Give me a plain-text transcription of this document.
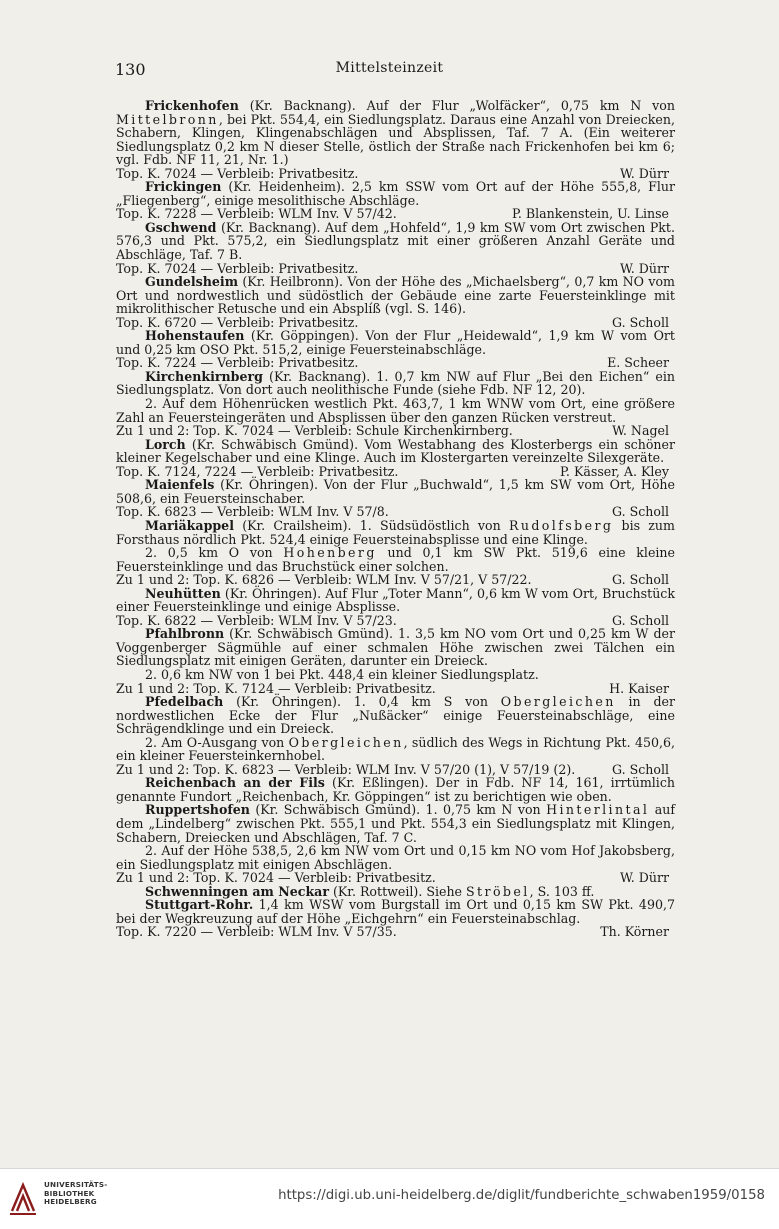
130	Mittelsteinzeit
Frickenhofen (Kr. Backnang). Auf der Flur „Wolfäcker“, 0,75 km N von Mittelbronn, bei Pkt. 554,4, ein Siedlungsplatz. Daraus eine Anzahl von Dreiecken, Schabern, Klingen, Klingenabschlägen und Absplissen, Taf. 7 A. (Ein weiterer Siedlungsplatz 0,2 km N dieser Stelle, östlich der Straße nach Frickenhofen bei km 6; vgl. Fdb. NF 11, 21, Nr. 1.)
Top. K. 7024 — Verbleib: Privatbesitz.	W. Dürr
Frickingen (Kr. Heidenheim). 2,5 km SSW vom Ort auf der Höhe 555,8, Flur „Fliegenberg“, einige mesolithische Abschläge.
Top. K. 7228 — Verbleib: WLM Inv. V 57/42.	P. Blankenstein, U. Linse
Gschwend (Kr. Backnang). Auf dem „Hohfeld“, 1,9 km SW vom Ort zwischen Pkt. 576,3 und Pkt. 575,2, ein Siedlungsplatz mit einer größeren Anzahl Geräte und Abschläge, Taf. 7 B.
Top. K. 7024 — Verbleib: Privatbesitz.	W. Dürr
Gundelsheim (Kr. Heilbronn). Von der Höhe des „Michaelsberg“, 0,7 km NO vom Ort und nordwestlich und südöstlich der Gebäude eine zarte Feuersteinklinge mit mikrolithischer Retusche und ein Absplíß (vgl. S. 146).
Top. K. 6720 — Verbleib: Privatbesitz.	G. Scholl
Hohenstaufen (Kr. Göppingen). Von der Flur „Heidewald“, 1,9 km W vom Ort und 0,25 km OSO Pkt. 515,2, einige Feuersteinabschläge.
Top. K. 7224 — Verbleib: Privatbesitz.	E. Scheer
Kirchenkirnberg (Kr. Backnang). 1. 0,7 km NW auf Flur „Bei den Eichen“ ein Siedlungsplatz. Von dort auch neolithische Funde (siehe Fdb. NF 12, 20).
2. Auf dem Höhenrücken westlich Pkt. 463,7, 1 km WNW vom Ort, eine größere Zahl an Feuersteingeräten und Absplissen über den ganzen Rücken verstreut.
Zu 1 und 2: Top. K. 7024 — Verbleib: Schule Kirchenkirnberg.	W. Nagel
Lorch (Kr. Schwäbisch Gmünd). Vom Westabhang des Klosterbergs ein schöner kleiner Kegelschaber und eine Klinge. Auch im Klostergarten vereinzelte Silexgeräte.
Top. K. 7124, 7224 — Verbleib: Privatbesitz.	P. Kässer, A. Kley
Maienfels (Kr. Öhringen). Von der Flur „Buchwald“, 1,5 km SW vom Ort, Höhe 508,6, ein Feuersteinschaber.
Top. K. 6823 — Verbleib: WLM Inv. V 57/8.	G. Scholl
Mariäkappel (Kr. Crailsheim). 1. Südsüdöstlich von Rudolfsberg bis zum Forsthaus nördlich Pkt. 524,4 einige Feuersteinabsplisse und eine Klinge.
2. 0,5 km O von Hohenberg und 0,1 km SW Pkt. 519,6 eine kleine Feuersteinklinge und das Bruchstück einer solchen.
Zu 1 und 2: Top. K. 6826 — Verbleib: WLM Inv. V 57/21, V 57/22.	G. Scholl
Neuhütten (Kr. Öhringen). Auf Flur „Toter Mann“, 0,6 km W vom Ort, Bruchstück einer Feuersteinklinge und einige Absplisse.
Top. K. 6822 — Verbleib: WLM Inv. V 57/23.	G. Scholl
Pfahlbronn (Kr. Schwäbisch Gmünd). 1. 3,5 km NO vom Ort und 0,25 km W der Voggenberger Sägmühle auf einer schmalen Höhe zwischen zwei Tälchen ein Siedlungsplatz mit einigen Geräten, darunter ein Dreieck.
2. 0,6 km NW von 1 bei Pkt. 448,4 ein kleiner Siedlungsplatz.
Zu 1 und 2: Top. K. 7124 — Verbleib: Privatbesitz.	H. Kaiser
Pfedelbach (Kr. Öhringen). 1. 0,4 km S von Obergleichen in der nordwestlichen Ecke der Flur „Nußäcker“ einige Feuersteinabschläge, eine Schrägendklinge und ein Dreieck.
2. Am O-Ausgang von Obergleichen, südlich des Wegs in Richtung Pkt. 450,6, ein kleiner Feuersteinkernhobel.
Zu 1 und 2: Top. K. 6823 — Verbleib: WLM Inv. V 57/20 (1), V 57/19 (2).	G. Scholl
Reichenbach an der Fils (Kr. Eßlingen). Der in Fdb. NF 14, 161, irrtümlich genannte Fundort „Reichenbach, Kr. Göppingen“ ist zu berichtigen wie oben.
Ruppertshofen (Kr. Schwäbisch Gmünd). 1. 0,75 km N von Hinterlintal auf dem „Lindelberg“ zwischen Pkt. 555,1 und Pkt. 554,3 ein Siedlungsplatz mit Klingen, Schabern, Dreiecken und Abschlägen, Taf. 7 C.
2. Auf der Höhe 538,5, 2,6 km NW vom Ort und 0,15 km NO vom Hof Jakobsberg, ein Siedlungsplatz mit einigen Abschlägen.
Zu 1 und 2: Top. K. 7024 — Verbleib: Privatbesitz.	W. Dürr
Schwenningen am Neckar (Kr. Rottweil). Siehe Ströbel, S. 103 ff.
Stuttgart-Rohr. 1,4 km WSW vom Burgstall im Ort und 0,15 km SW Pkt. 490,7 bei der Wegkreuzung auf der Höhe „Eichgehrn“ ein Feuersteinabschlag.
Top. K. 7220 — Verbleib: WLM Inv. V 57/35.	Th. Körner
UNIVERSITÄTS-
BIBLIOTHEK
HEIDELBERG	https://digi.ub.uni-heidelberg.de/diglit/fundberichte_schwaben1959/0158
